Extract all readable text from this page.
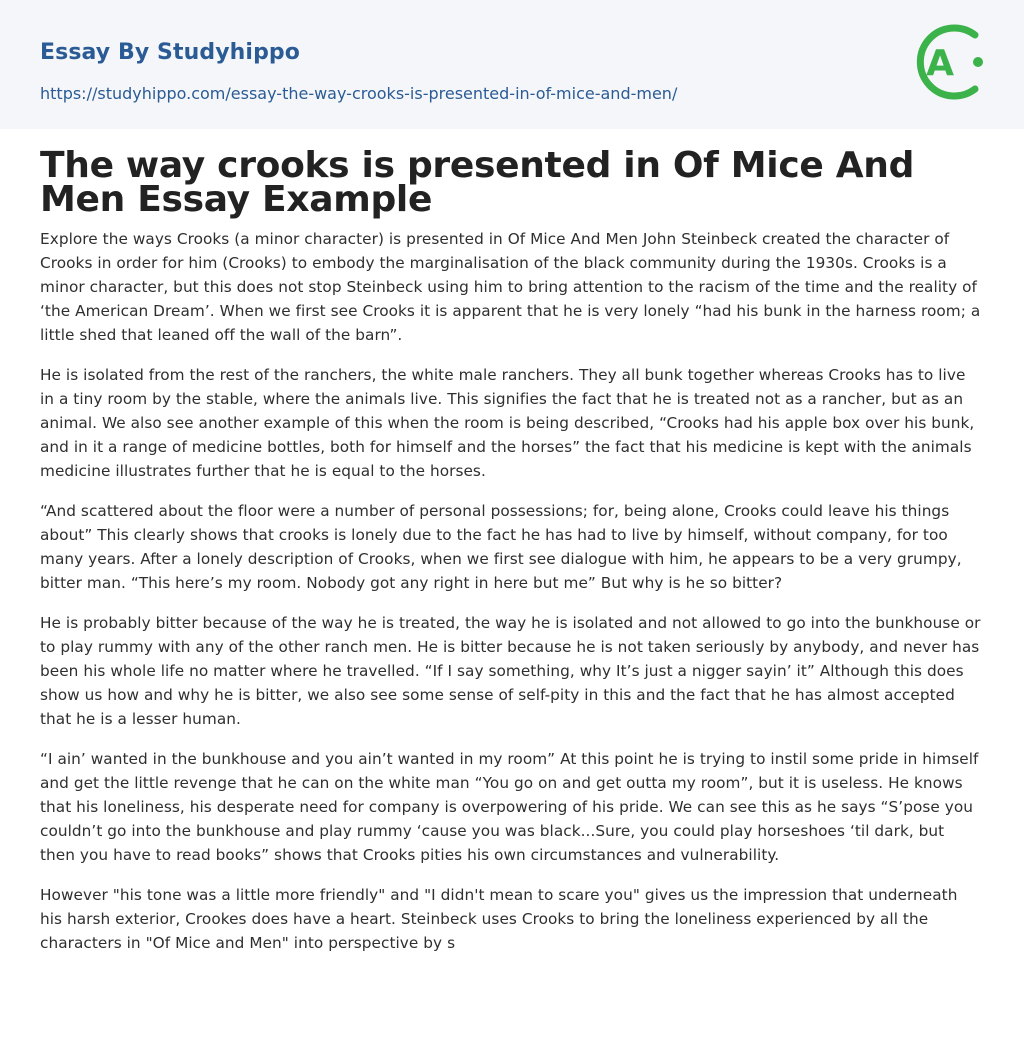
Essay By Studyhippo
https://studyhippo.com/essay-the-way-crooks-is-presented-in-of-mice-and-men/
A
The way crooks is presented in Of Mice And Men Essay Example

Explore the ways Crooks (a minor character) is presented in Of Mice And Men John Steinbeck created the character of Crooks in order for him (Crooks) to embody the marginalisation of the black community during the 1930s. Crooks is a minor character, but this does not stop Steinbeck using him to bring attention to the racism of the time and the reality of ‘the American Dream’. When we first see Crooks it is apparent that he is very lonely “had his bunk in the harness room; a little shed that leaned off the wall of the barn”.

He is isolated from the rest of the ranchers, the white male ranchers. They all bunk together whereas Crooks has to live in a tiny room by the stable, where the animals live. This signifies the fact that he is treated not as a rancher, but as an animal. We also see another example of this when the room is being described, “Crooks had his apple box over his bunk, and in it a range of medicine bottles, both for himself and the horses” the fact that his medicine is kept with the animals medicine illustrates further that he is equal to the horses.

“And scattered about the floor were a number of personal possessions; for, being alone, Crooks could leave his things about” This clearly shows that crooks is lonely due to the fact he has had to live by himself, without company, for too many years. After a lonely description of Crooks, when we first see dialogue with him, he appears to be a very grumpy, bitter man. “This here’s my room. Nobody got any right in here but me” But why is he so bitter?

He is probably bitter because of the way he is treated, the way he is isolated and not allowed to go into the bunkhouse or to play rummy with any of the other ranch men. He is bitter because he is not taken seriously by anybody, and never has been his whole life no matter where he travelled. “If I say something, why It’s just a nigger sayin’ it” Although this does show us how and why he is bitter, we also see some sense of self-pity in this and the fact that he has almost accepted that he is a lesser human.

“I ain’ wanted in the bunkhouse and you ain’t wanted in my room” At this point he is trying to instil some pride in himself and get the little revenge that he can on the white man “You go on and get outta my room”, but it is useless. He knows that his loneliness, his desperate need for company is overpowering of his pride. We can see this as he says “S’pose you couldn’t go into the bunkhouse and play rummy ‘cause you was black...Sure, you could play horseshoes ‘til dark, but then you have to read books” shows that Crooks pities his own circumstances and vulnerability.

However "his tone was a little more friendly" and "I didn't mean to scare you" gives us the impression that underneath his harsh exterior, Crookes does have a heart. Steinbeck uses Crooks to bring the loneliness experienced by all the characters in "Of Mice and Men" into perspective by s
